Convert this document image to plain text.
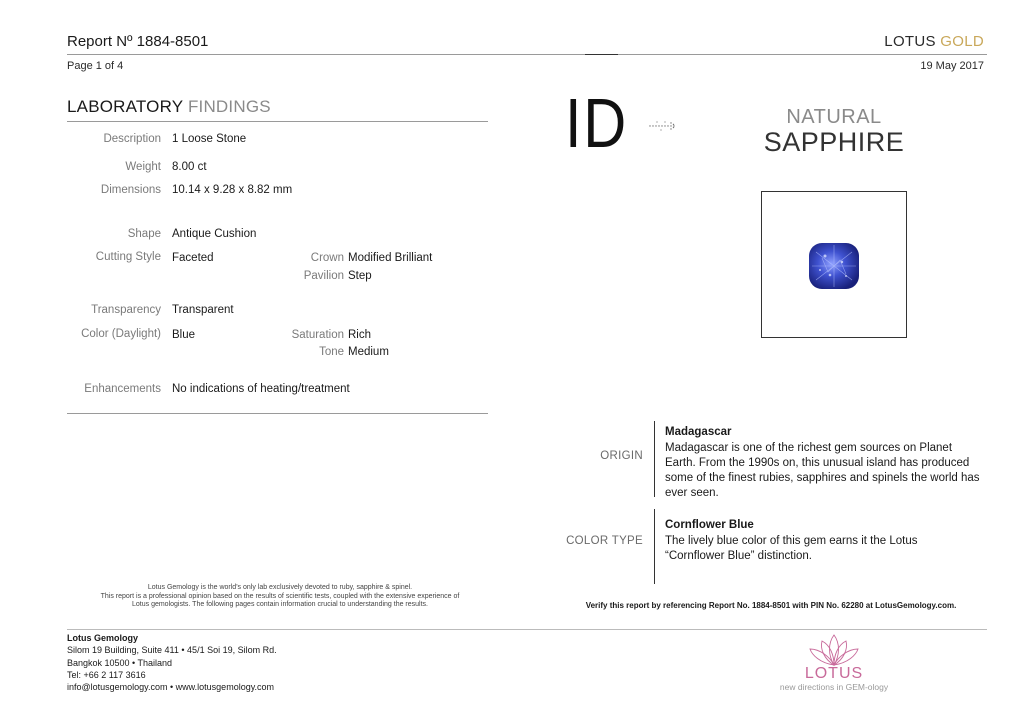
Report Nº 1884-8501	LOTUS GOLD
Page 1 of 4	19 May 2017
LABORATORY FINDINGS
Description 1 Loose Stone
Weight 8.00 ct
Dimensions 10.14 x 9.28 x 8.82 mm
Shape Antique Cushion
Cutting Style Faceted	Crown Modified Brilliant
Pavilion Step
Transparency Transparent
Color (Daylight) Blue	Saturation Rich
Tone Medium
Enhancements No indications of heating/treatment
ID	NATURAL
SAPPHIRE
ORIGIN
Madagascar
Madagascar is one of the richest gem sources on Planet Earth. From the 1990s on, this unusual island has produced some of the finest rubies, sapphires and spinels the world has ever seen.
COLOR TYPE
Cornflower Blue
The lively blue color of this gem earns it the Lotus “Cornflower Blue” distinction.
Lotus Gemology is the world's only lab exclusively devoted to ruby, sapphire & spinel.
This report is a professional opinion based on the results of scientific tests, coupled with the extensive experience of
Lotus gemologists. The following pages contain information crucial to understanding the results.	Verify this report by referencing Report No. 1884-8501 with PIN No. 62280 at LotusGemology.com.
Lotus Gemology
Silom 19 Building, Suite 411 • 45/1 Soi 19, Silom Rd.
Bangkok 10500 • Thailand
Tel: +66 2 117 3616
info@lotusgemology.com • www.lotusgemology.com
LOTUS
new directions in GEM-ology
